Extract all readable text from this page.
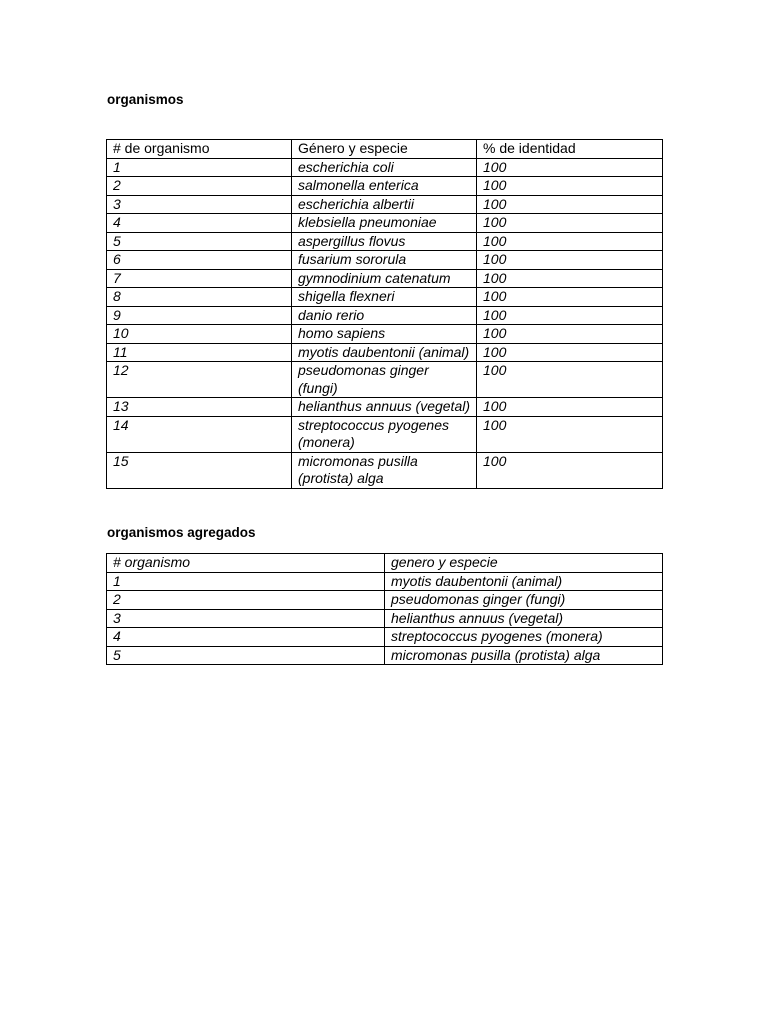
organismos
# de organismo	Género y especie	% de identidad
1	escherichia coli	100
2	salmonella enterica	100
3	escherichia albertii	100
4	klebsiella pneumoniae	100
5	aspergillus flovus	100
6	fusarium sororula	100
7	gymnodinium catenatum	100
8	shigella flexneri	100
9	danio rerio	100
10	homo sapiens	100
11	myotis daubentonii (animal)	100
12	pseudomonas ginger (fungi)	100
13	helianthus annuus (vegetal)	100
14	streptococcus pyogenes (monera)	100
15	micromonas pusilla (protista) alga	100
organismos agregados
# organismo	genero y especie
1	myotis daubentonii (animal)
2	pseudomonas ginger (fungi)
3	helianthus annuus (vegetal)
4	streptococcus pyogenes (monera)
5	micromonas pusilla (protista) alga
